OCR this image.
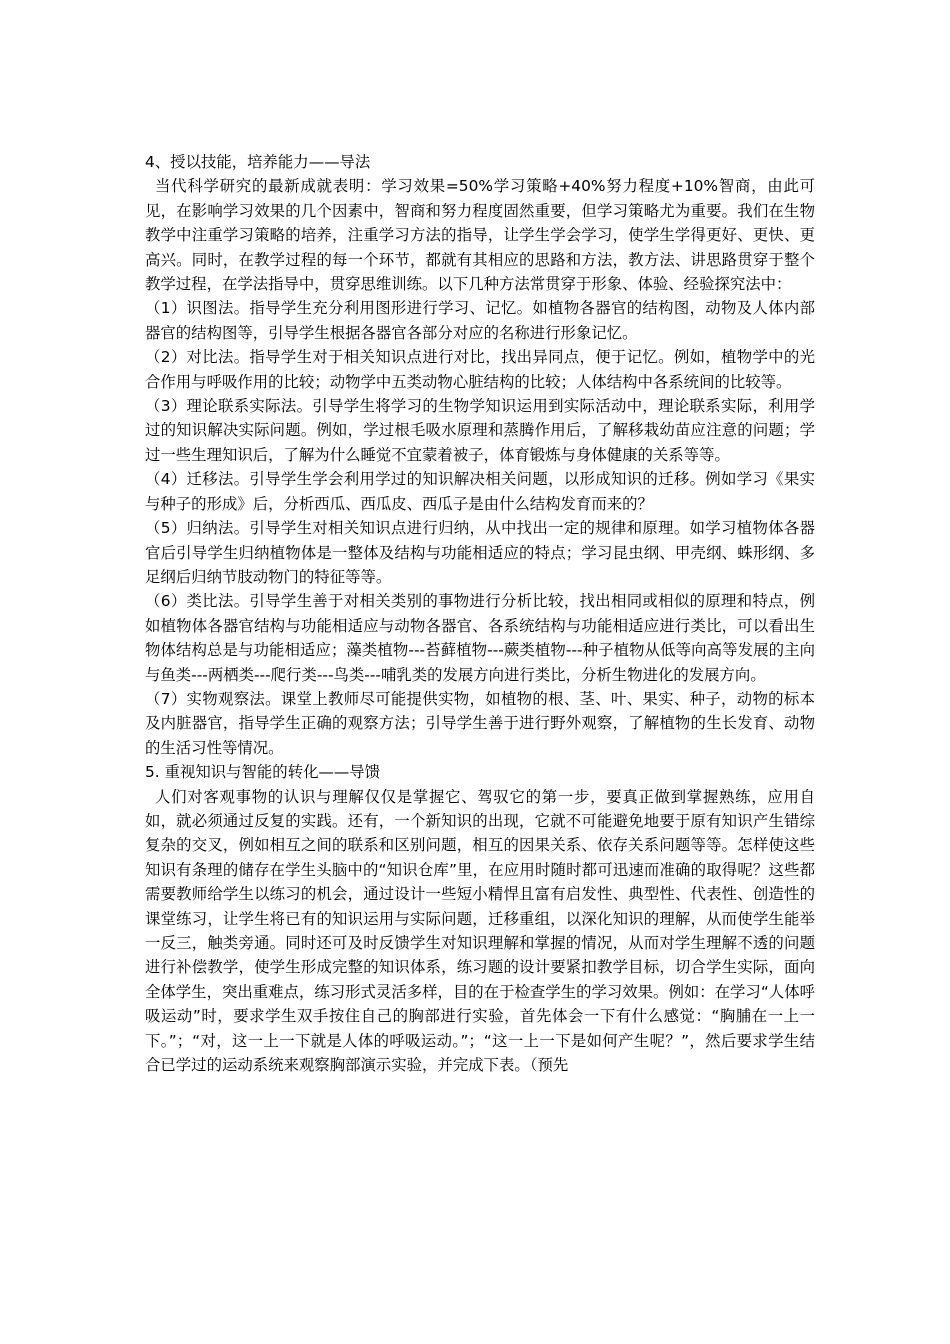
4、授以技能，培养能力——导法

当代科学研究的最新成就表明：学习效果=50%学习策略+40%努力程度+10%智商，由此可见，在影响学习效果的几个因素中，智商和努力程度固然重要，但学习策略尤为重要。我们在生物教学中注重学习策略的培养，注重学习方法的指导，让学生学会学习，使学生学得更好、更快、更高兴。同时，在教学过程的每一个环节，都就有其相应的思路和方法，教方法、讲思路贯穿于整个教学过程，在学法指导中，贯穿思维训练。以下几种方法常贯穿于形象、体验、经验探究法中：

（1）识图法。指导学生充分利用图形进行学习、记忆。如植物各器官的结构图，动物及人体内部器官的结构图等，引导学生根据各器官各部分对应的名称进行形象记忆。

（2）对比法。指导学生对于相关知识点进行对比，找出异同点，便于记忆。例如，植物学中的光合作用与呼吸作用的比较；动物学中五类动物心脏结构的比较；人体结构中各系统间的比较等。

（3）理论联系实际法。引导学生将学习的生物学知识运用到实际活动中，理论联系实际，利用学过的知识解决实际问题。例如，学过根毛吸水原理和蒸腾作用后，了解移栽幼苗应注意的问题；学过一些生理知识后，了解为什么睡觉不宜蒙着被子，体育锻炼与身体健康的关系等等。

（4）迁移法。引导学生学会利用学过的知识解决相关问题，以形成知识的迁移。例如学习《果实与种子的形成》后，分析西瓜、西瓜皮、西瓜子是由什么结构发育而来的？

（5）归纳法。引导学生对相关知识点进行归纳，从中找出一定的规律和原理。如学习植物体各器官后引导学生归纳植物体是一整体及结构与功能相适应的特点；学习昆虫纲、甲壳纲、蛛形纲、多足纲后归纳节肢动物门的特征等等。

（6）类比法。引导学生善于对相关类别的事物进行分析比较，找出相同或相似的原理和特点，例如植物体各器官结构与功能相适应与动物各器官、各系统结构与功能相适应进行类比，可以看出生物体结构总是与功能相适应；藻类植物---苔藓植物---蕨类植物---种子植物从低等向高等发展的主向与鱼类---两栖类---爬行类---鸟类---哺乳类的发展方向进行类比，分析生物进化的发展方向。

（7）实物观察法。课堂上教师尽可能提供实物，如植物的根、茎、叶、果实、种子，动物的标本及内脏器官，指导学生正确的观察方法；引导学生善于进行野外观察，了解植物的生长发育、动物的生活习性等情况。

5. 重视知识与智能的转化——导馈

人们对客观事物的认识与理解仅仅是掌握它、驾驭它的第一步，要真正做到掌握熟练，应用自如，就必须通过反复的实践。还有，一个新知识的出现，它就不可能避免地要于原有知识产生错综复杂的交叉，例如相互之间的联系和区别问题，相互的因果关系、依存关系问题等等。怎样使这些知识有条理的储存在学生头脑中的“知识仓库”里，在应用时随时都可迅速而准确的取得呢？这些都需要教师给学生以练习的机会，通过设计一些短小精悍且富有启发性、典型性、代表性、创造性的课堂练习，让学生将已有的知识运用与实际问题，迁移重组，以深化知识的理解，从而使学生能举一反三，触类旁通。同时还可及时反馈学生对知识理解和掌握的情况，从而对学生理解不透的问题进行补偿教学，使学生形成完整的知识体系，练习题的设计要紧扣教学目标，切合学生实际，面向全体学生，突出重难点，练习形式灵活多样，目的在于检查学生的学习效果。例如：在学习“人体呼吸运动”时，要求学生双手按住自己的胸部进行实验，首先体会一下有什么感觉：“胸脯在一上一下。”；“对，这一上一下就是人体的呼吸运动。”；“这一上一下是如何产生呢？”，然后要求学生结合已学过的运动系统来观察胸部演示实验，并完成下表。（预先
